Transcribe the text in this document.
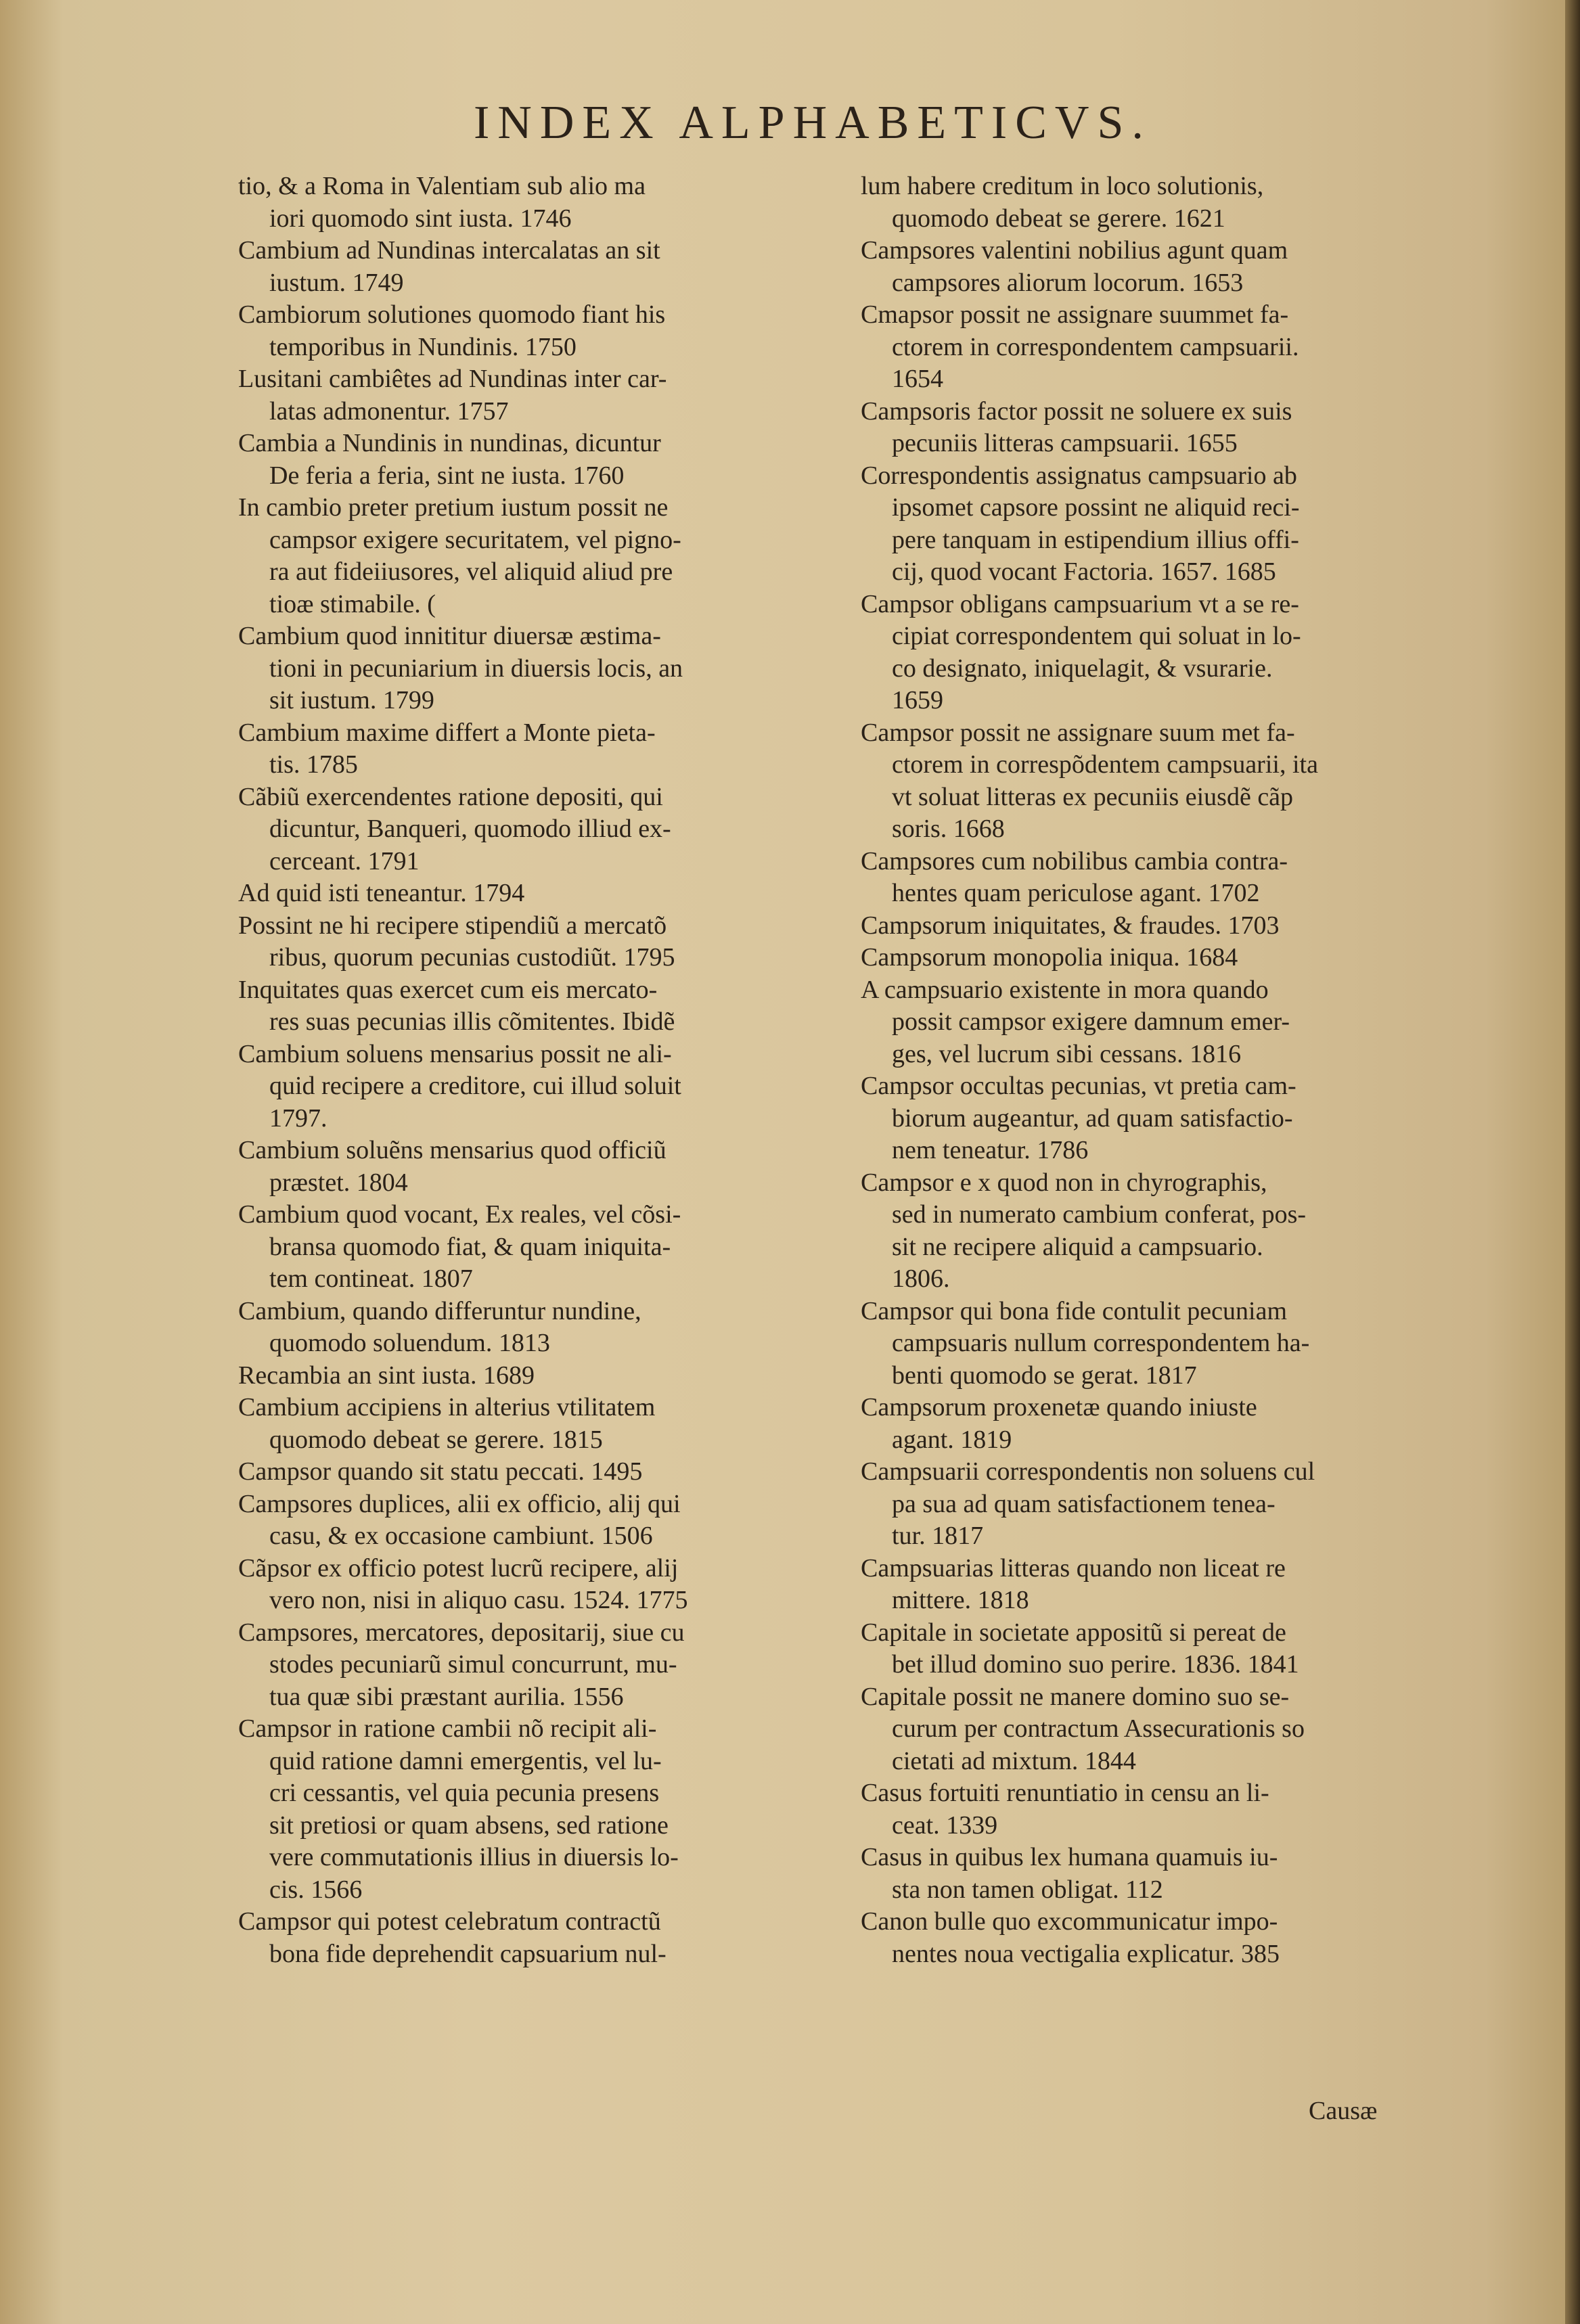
INDEX ALPHABETICVS.
tio, & a Roma in Valentiam sub alio ma
iori quomodo sint iusta. 1746
Cambium ad Nundinas intercalatas an sit
iustum. 1749
Cambiorum solutiones quomodo fiant his
temporibus in Nundinis. 1750
Lusitani cambiêtes ad Nundinas inter car-
latas admonentur. 1757
Cambia a Nundinis in nundinas, dicuntur
De feria a feria, sint ne iusta. 1760
In cambio preter pretium iustum possit ne
campsor exigere securitatem, vel pigno-
ra aut fideiiusores, vel aliquid aliud pre
tioæ stimabile. (
Cambium quod innititur diuersæ æstima-
tioni in pecuniarium in diuersis locis, an
sit iustum. 1799
Cambium maxime differt a Monte pieta-
tis. 1785
Cãbiũ exercendentes ratione depositi, qui
dicuntur, Banqueri, quomodo illiud ex-
cerceant. 1791
Ad quid isti teneantur. 1794
Possint ne hi recipere stipendiũ a mercatõ
ribus, quorum pecunias custodiũt. 1795
Inquitates quas exercet cum eis mercato-
res suas pecunias illis cõmitentes. Ibidẽ
Cambium soluens mensarius possit ne ali-
quid recipere a creditore, cui illud soluit
1797.
Cambium soluẽns mensarius quod officiũ
præstet. 1804
Cambium quod vocant, Ex reales, vel cõsi-
bransa quomodo fiat, & quam iniquita-
tem contineat. 1807
Cambium, quando differuntur nundine,
quomodo soluendum. 1813
Recambia an sint iusta. 1689
Cambium accipiens in alterius vtilitatem
quomodo debeat se gerere. 1815
Campsor quando sit statu peccati. 1495
Campsores duplices, alii ex officio, alij qui
casu, & ex occasione cambiunt. 1506
Cãpsor ex officio potest lucrũ recipere, alij
vero non, nisi in aliquo casu. 1524. 1775
Campsores, mercatores, depositarij, siue cu
stodes pecuniarũ simul concurrunt, mu-
tua quæ sibi præstant aurilia. 1556
Campsor in ratione cambii nõ recipit ali-
quid ratione damni emergentis, vel lu-
cri cessantis, vel quia pecunia presens
sit pretiosi or quam absens, sed ratione
vere commutationis illius in diuersis lo-
cis. 1566
Campsor qui potest celebratum contractũ
bona fide deprehendit capsuarium nul-
lum habere creditum in loco solutionis,
quomodo debeat se gerere. 1621
Campsores valentini nobilius agunt quam
campsores aliorum locorum. 1653
Cmapsor possit ne assignare suummet fa-
ctorem in correspondentem campsuarii.
1654
Campsoris factor possit ne soluere ex suis
pecuniis litteras campsuarii. 1655
Correspondentis assignatus campsuario ab
ipsomet capsore possint ne aliquid reci-
pere tanquam in estipendium illius offi-
cij, quod vocant Factoria. 1657. 1685
Campsor obligans campsuarium vt a se re-
cipiat correspondentem qui soluat in lo-
co designato, iniquelagit, & vsurarie.
1659
Campsor possit ne assignare suum met fa-
ctorem in correspõdentem campsuarii, ita
vt soluat litteras ex pecuniis eiusdẽ cãp
soris. 1668
Campsores cum nobilibus cambia contra-
hentes quam periculose agant. 1702
Campsorum iniquitates, & fraudes. 1703
Campsorum monopolia iniqua. 1684
A campsuario existente in mora quando
possit campsor exigere damnum emer-
ges, vel lucrum sibi cessans. 1816
Campsor occultas pecunias, vt pretia cam-
biorum augeantur, ad quam satisfactio-
nem teneatur. 1786
Campsor e x quod non in chyrographis,
sed in numerato cambium conferat, pos-
sit ne recipere aliquid a campsuario.
1806.
Campsor qui bona fide contulit pecuniam
campsuaris nullum correspondentem ha-
benti quomodo se gerat. 1817
Campsorum proxenetæ quando iniuste
agant. 1819
Campsuarii correspondentis non soluens cul
pa sua ad quam satisfactionem tenea-
tur. 1817
Campsuarias litteras quando non liceat re
mittere. 1818
Capitale in societate appositũ si pereat de
bet illud domino suo perire. 1836. 1841
Capitale possit ne manere domino suo se-
curum per contractum Assecurationis so
cietati ad mixtum. 1844
Casus fortuiti renuntiatio in censu an li-
ceat. 1339
Casus in quibus lex humana quamuis iu-
sta non tamen obligat. 112
Canon bulle quo excommunicatur impo-
nentes noua vectigalia explicatur. 385
Causæ
